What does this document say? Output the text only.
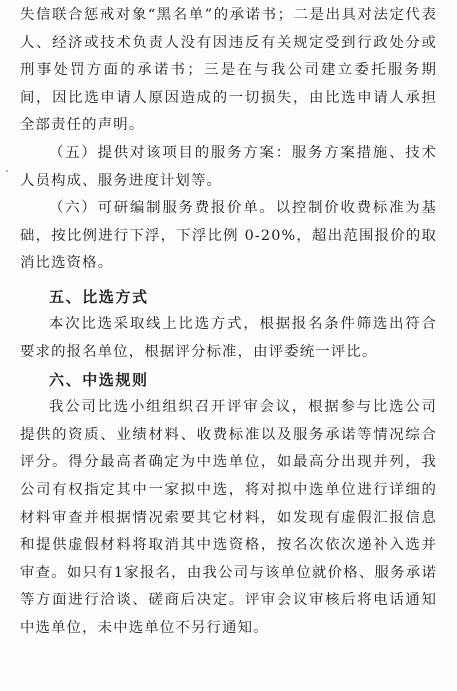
失信联合惩戒对象“黑名单”的承诺书；二是出具对法定代表人、经济或技术负责人没有因违反有关规定受到行政处分或刑事处罚方面的承诺书；三是在与我公司建立委托服务期间，因比选申请人原因造成的一切损失，由比选申请人承担全部责任的声明。

（五）提供对该项目的服务方案：服务方案措施、技术人员构成、服务进度计划等。

（六）可研编制服务费报价单。以控制价收费标准为基础，按比例进行下浮，下浮比例 0-20%，超出范围报价的取消比选资格。

五、比选方式

本次比选采取线上比选方式，根据报名条件筛选出符合要求的报名单位，根据评分标准，由评委统一评比。

六、中选规则

我公司比选小组组织召开评审会议，根据参与比选公司提供的资质、业绩材料、收费标准以及服务承诺等情况综合评分。得分最高者确定为中选单位，如最高分出现并列，我公司有权指定其中一家拟中选，将对拟中选单位进行详细的材料审查并根据情况索要其它材料，如发现有虚假汇报信息和提供虚假材料将取消其中选资格，按名次依次递补入选并审查。如只有1家报名，由我公司与该单位就价格、服务承诺等方面进行洽谈、磋商后决定。评审会议审核后将电话通知中选单位，未中选单位不另行通知。
